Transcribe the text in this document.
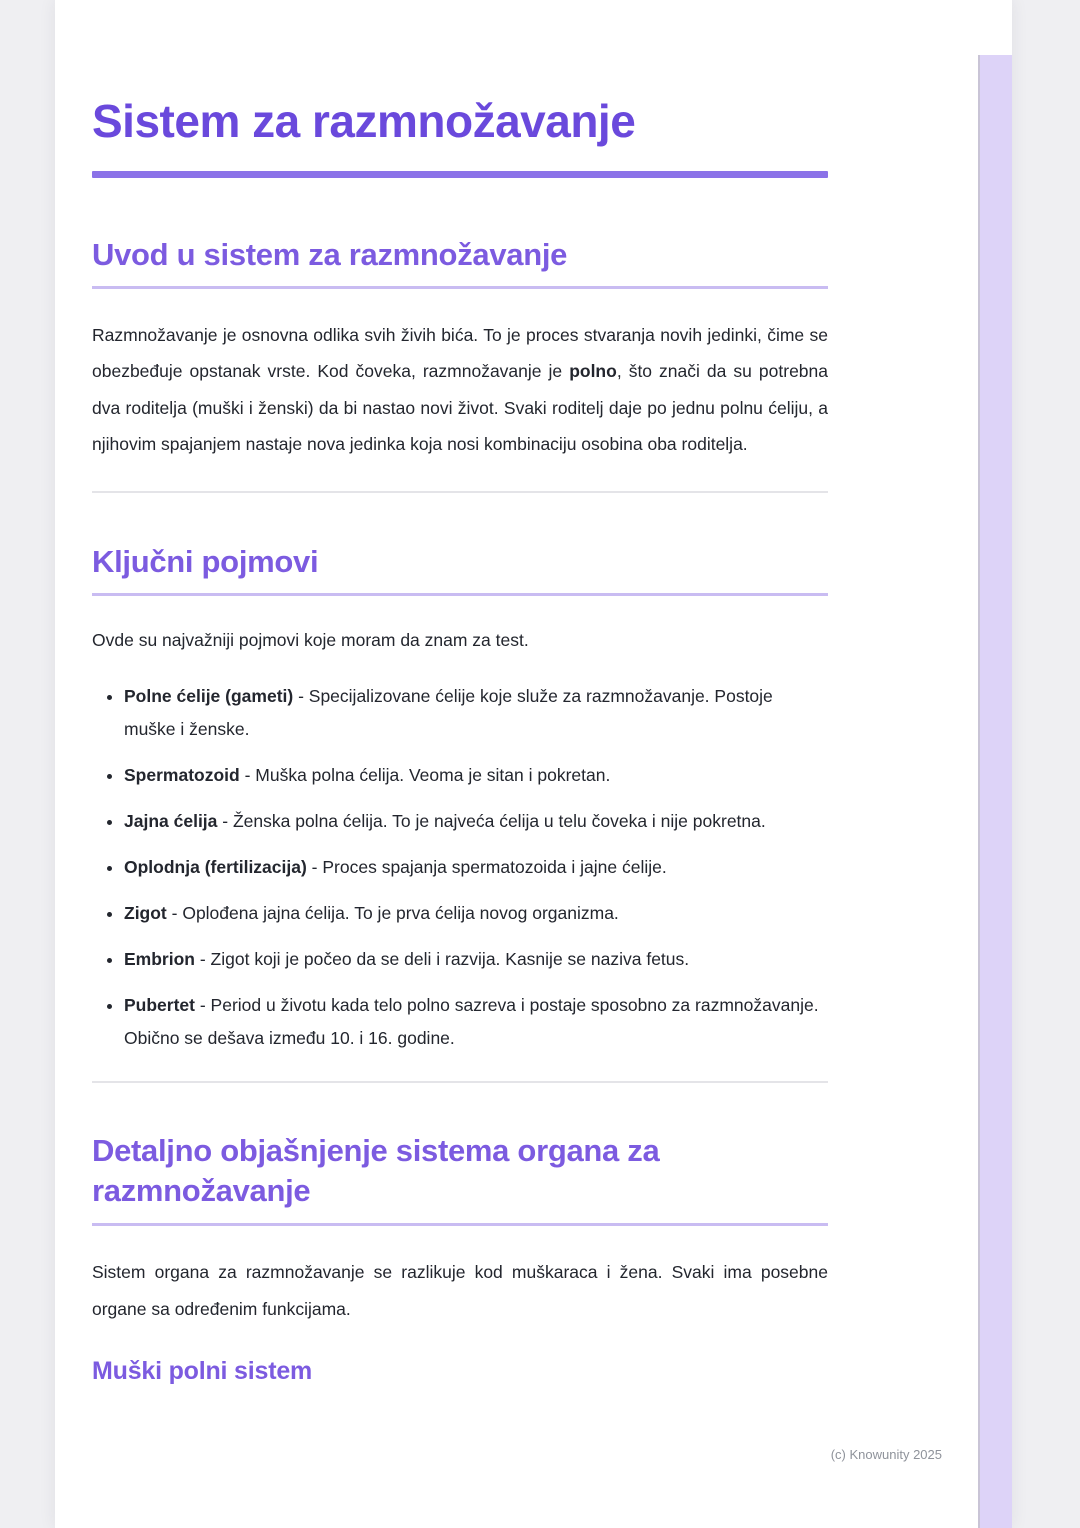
Sistem za razmnožavanje
Uvod u sistem za razmnožavanje

Razmnožavanje je osnovna odlika svih živih bića. To je proces stvaranja novih jedinki, čime se obezbeđuje opstanak vrste. Kod čoveka, razmnožavanje je polno, što znači da su potrebna dva roditelja (muški i ženski) da bi nastao novi život. Svaki roditelj daje po jednu polnu ćeliju, a njihovim spajanjem nastaje nova jedinka koja nosi kombinaciju osobina oba roditelja.

Ključni pojmovi

Ovde su najvažniji pojmovi koje moram da znam za test.

• Polne ćelije (gameti) - Specijalizovane ćelije koje služe za razmnožavanje. Postoje muške i ženske.
• Spermatozoid - Muška polna ćelija. Veoma je sitan i pokretan.
• Jajna ćelija - Ženska polna ćelija. To je najveća ćelija u telu čoveka i nije pokretna.
• Oplodnja (fertilizacija) - Proces spajanja spermatozoida i jajne ćelije.
• Zigot - Oplođena jajna ćelija. To je prva ćelija novog organizma.
• Embrion - Zigot koji je počeo da se deli i razvija. Kasnije se naziva fetus.
• Pubertet - Period u životu kada telo polno sazreva i postaje sposobno za razmnožavanje. Obično se dešava između 10. i 16. godine.
Detaljno objašnjenje sistema organa za razmnožavanje

Sistem organa za razmnožavanje se razlikuje kod muškaraca i žena. Svaki ima posebne organe sa određenim funkcijama.

Muški polni sistem
(c) Knowunity 2025
